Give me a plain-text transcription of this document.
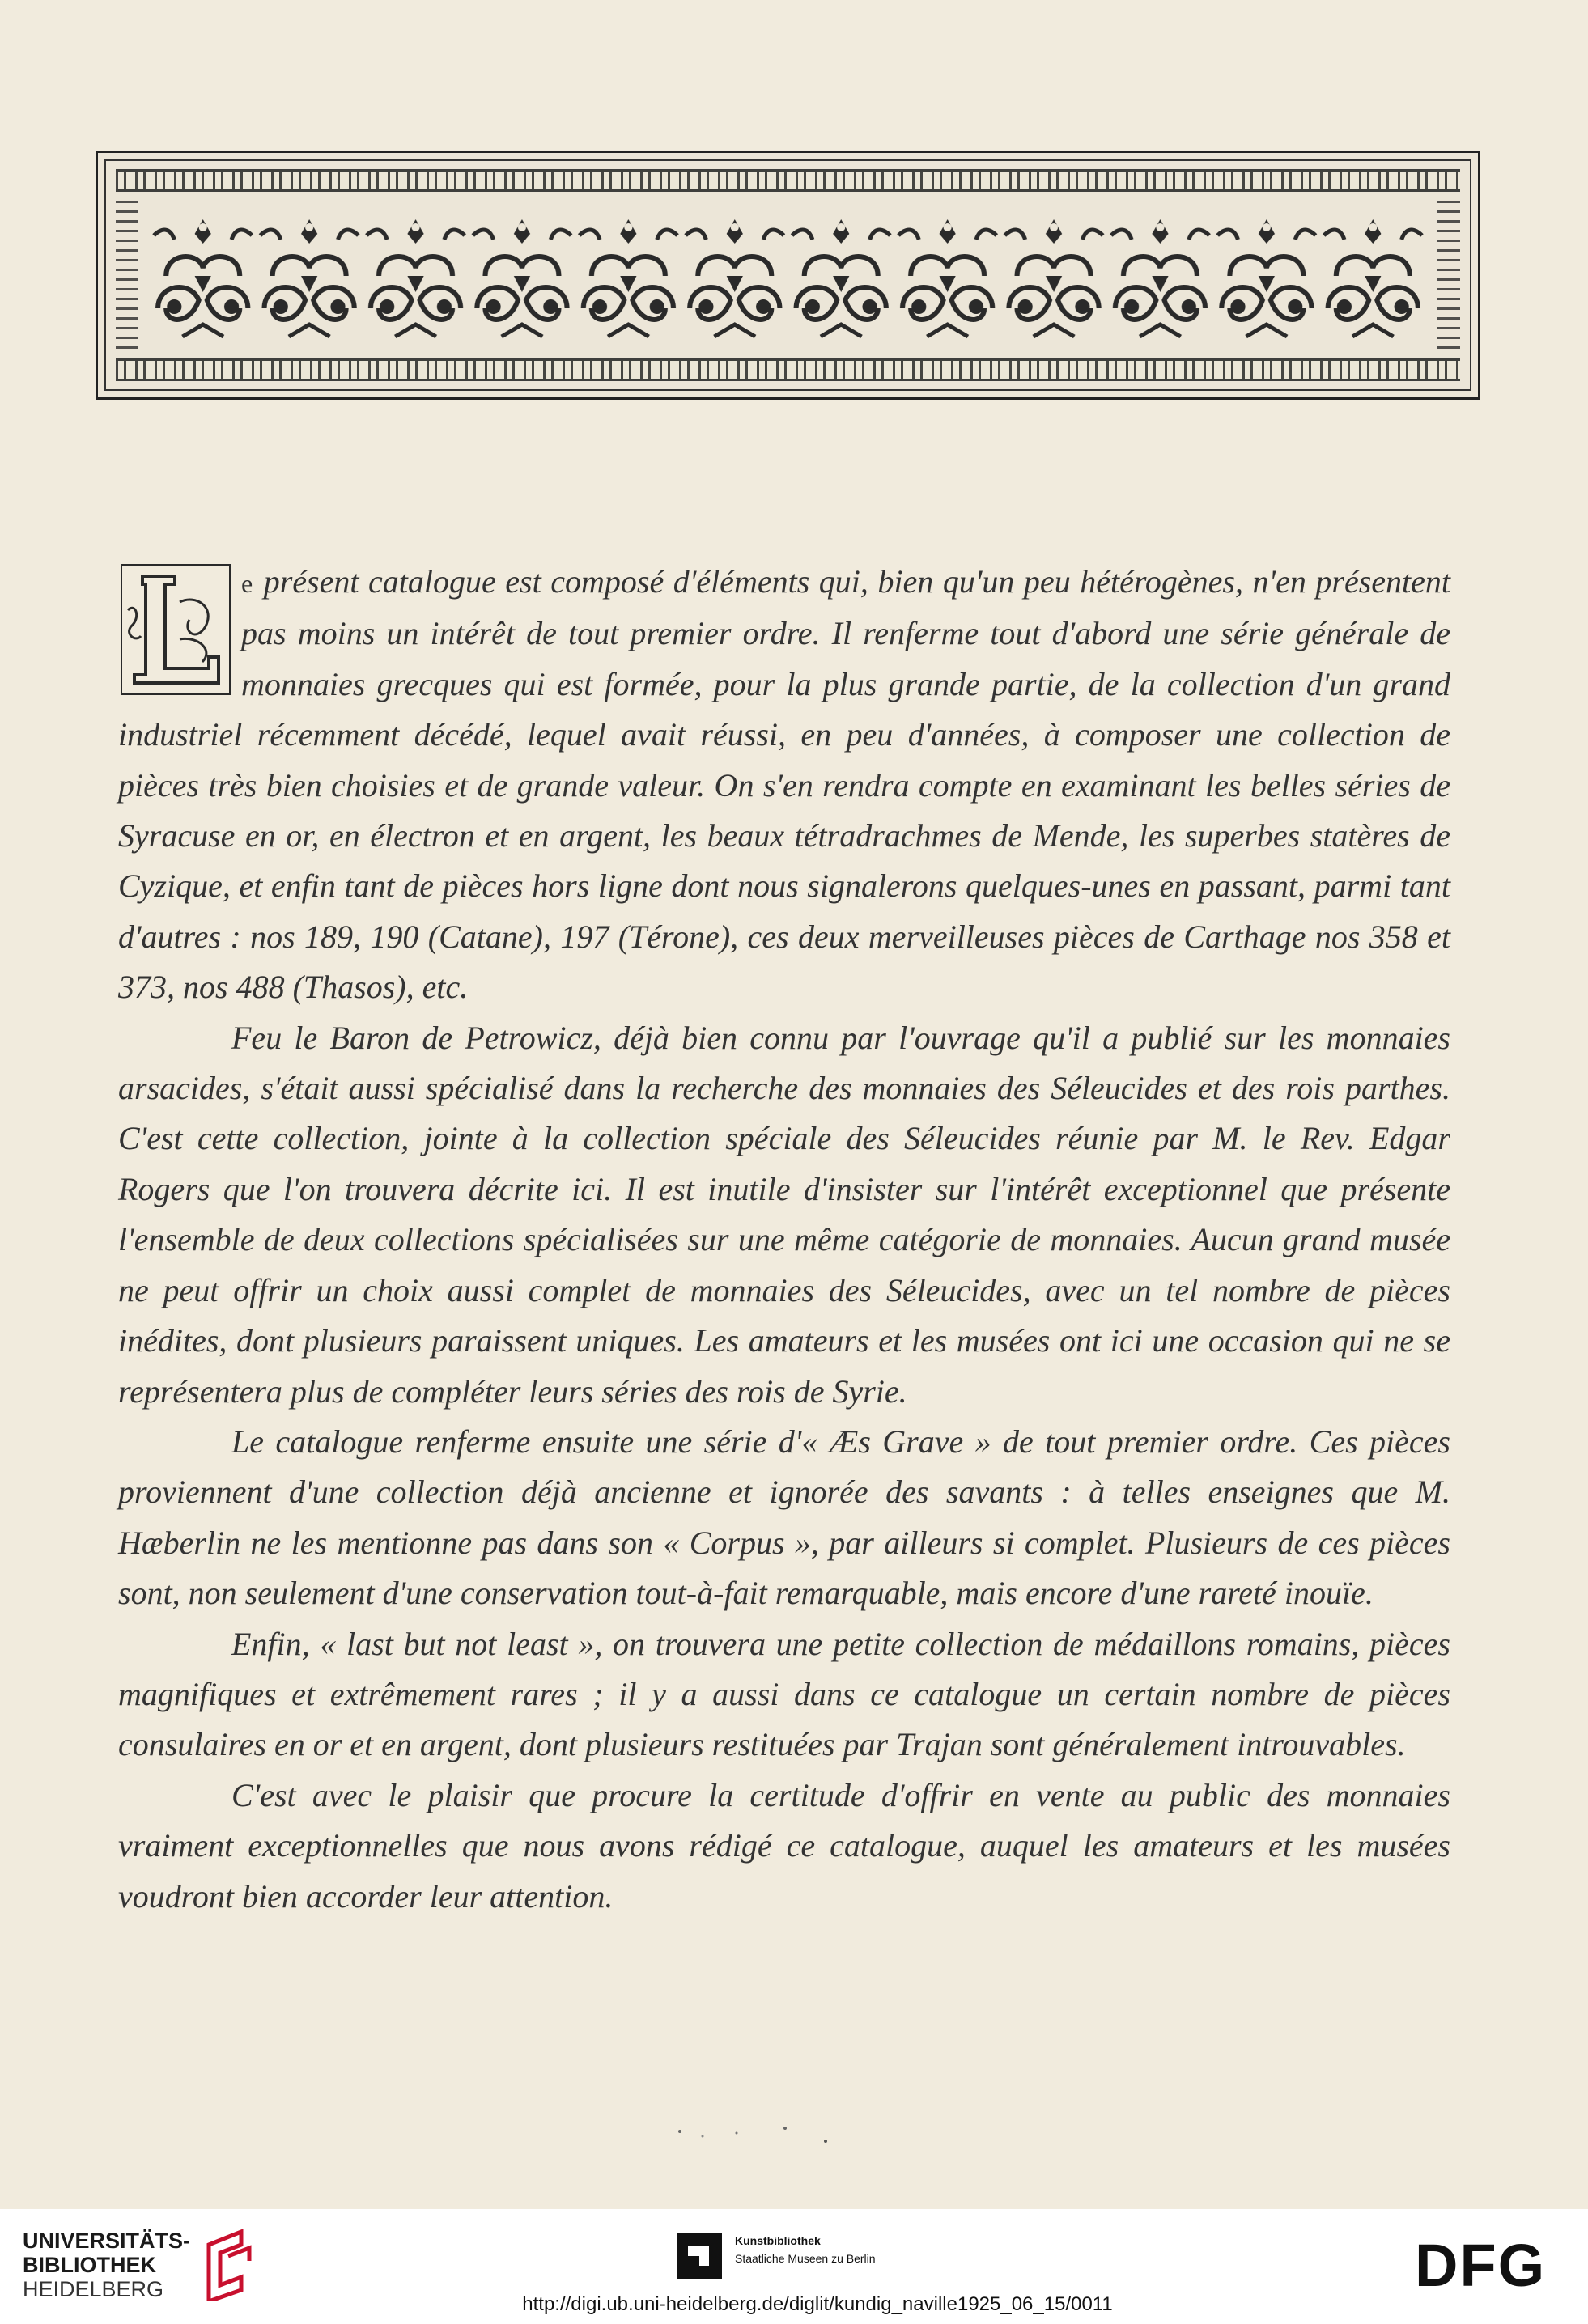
e présent catalogue est composé d'éléments qui, bien qu'un peu hétérogènes, n'en présentent pas moins un intérêt de tout premier ordre. Il renferme tout d'abord une série générale de monnaies grecques qui est formée, pour la plus grande partie, de la collection d'un grand industriel récemment décédé, lequel avait réussi, en peu d'années, à composer une collection de pièces très bien choisies et de grande valeur. On s'en rendra compte en examinant les belles séries de Syracuse en or, en électron et en argent, les beaux tétradrachmes de Mende, les superbes statères de Cyzique, et enfin tant de pièces hors ligne dont nous signalerons quelques-unes en passant, parmi tant d'autres : nos 189, 190 (Catane), 197 (Térone), ces deux merveilleuses pièces de Carthage nos 358 et 373, nos 488 (Thasos), etc.

Feu le Baron de Petrowicz, déjà bien connu par l'ouvrage qu'il a publié sur les monnaies arsacides, s'était aussi spécialisé dans la recherche des monnaies des Séleucides et des rois parthes. C'est cette collection, jointe à la collection spéciale des Séleucides réunie par M. le Rev. Edgar Rogers que l'on trouvera décrite ici. Il est inutile d'insister sur l'intérêt exceptionnel que présente l'ensemble de deux collections spécialisées sur une même catégorie de monnaies. Aucun grand musée ne peut offrir un choix aussi complet de monnaies des Séleucides, avec un tel nombre de pièces inédites, dont plusieurs paraissent uniques. Les amateurs et les musées ont ici une occasion qui ne se représentera plus de compléter leurs séries des rois de Syrie.

Le catalogue renferme ensuite une série d'« Æs Grave » de tout premier ordre. Ces pièces proviennent d'une collection déjà ancienne et ignorée des savants : à telles enseignes que M. Hæberlin ne les mentionne pas dans son « Corpus », par ailleurs si complet. Plusieurs de ces pièces sont, non seulement d'une conservation tout-à-fait remarquable, mais encore d'une rareté inouïe.

Enfin, « last but not least », on trouvera une petite collection de médaillons romains, pièces magnifiques et extrêmement rares ; il y a aussi dans ce catalogue un certain nombre de pièces consulaires en or et en argent, dont plusieurs restituées par Trajan sont généralement introuvables.

C'est avec le plaisir que procure la certitude d'offrir en vente au public des monnaies vraiment exceptionnelles que nous avons rédigé ce catalogue, auquel les amateurs et les musées voudront bien accorder leur attention.

UNIVERSITÄTS-
BIBLIOTHEK
HEIDELBERG
Kunstbibliothek
Staatliche Museen zu Berlin	DFG
http://digi.ub.uni-heidelberg.de/diglit/kundig_naville1925_06_15/0011
